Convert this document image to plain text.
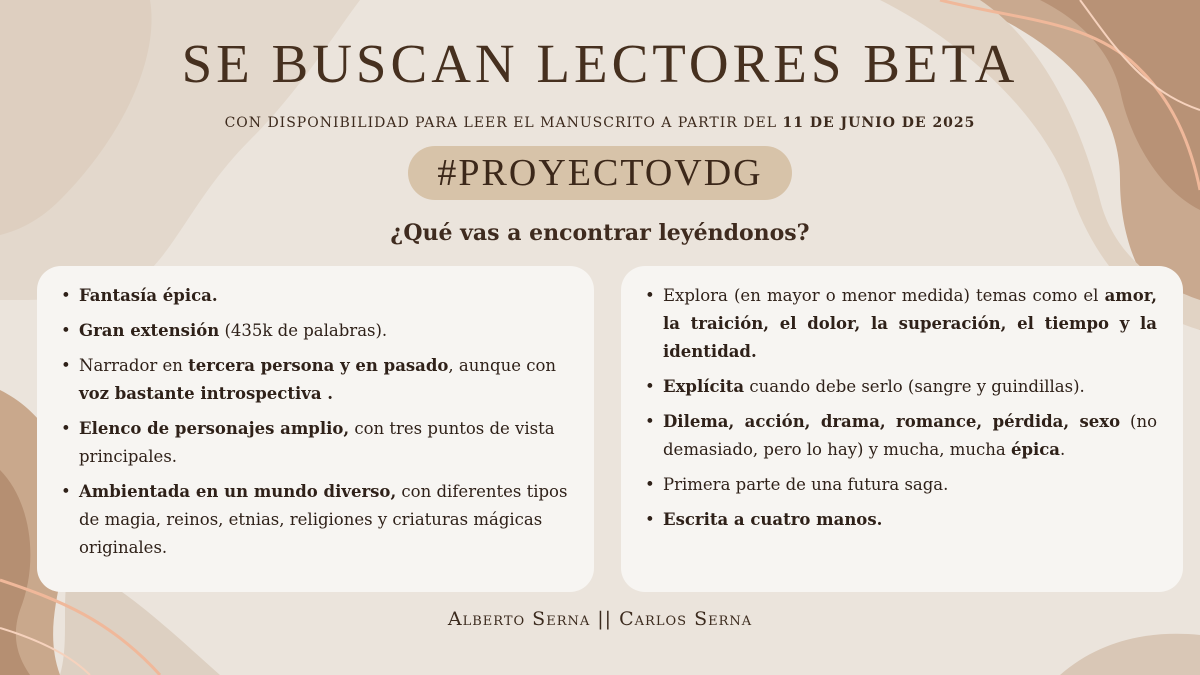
SE BUSCAN LECTORES BETA
CON DISPONIBILIDAD PARA LEER EL MANUSCRITO A PARTIR DEL 11 DE JUNIO DE 2025
#PROYECTOVDG
¿Qué vas a encontrar leyéndonos?
• Fantasía épica.
• Gran extensión (435k de palabras).
• Narrador en tercera persona y en pasado, aunque con voz bastante introspectiva .
• Elenco de personajes amplio, con tres puntos de vista principales.
• Ambientada en un mundo diverso, con diferentes tipos de magia, reinos, etnias, religiones y criaturas mágicas originales.
• Explora (en mayor o menor medida) temas como el amor, la traición, el dolor, la superación, el tiempo y la identidad.
• Explícita cuando debe serlo (sangre y guindillas).
• Dilema, acción, drama, romance, pérdida, sexo (no demasiado, pero lo hay) y mucha, mucha épica.
• Primera parte de una futura saga.
• Escrita a cuatro manos.
Alberto Serna || Carlos Serna
